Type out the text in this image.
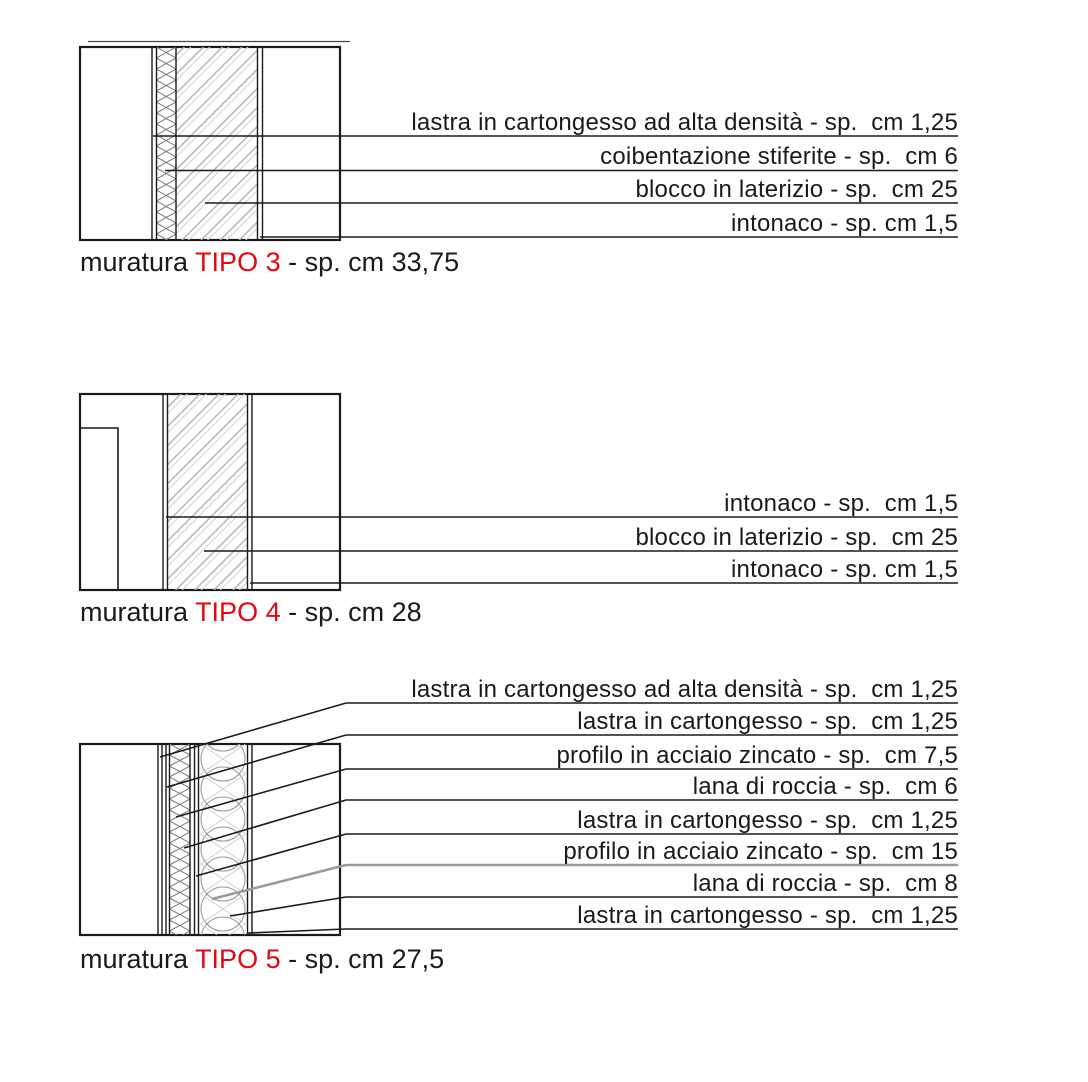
lastra in cartongesso ad alta densità - sp.  cm 1,25
coibentazione stiferite - sp.  cm 6
blocco in laterizio - sp.  cm 25
intonaco - sp. cm 1,5
muratura TIPO 3 - sp. cm 33,75
intonaco - sp.  cm 1,5
blocco in laterizio - sp.  cm 25
intonaco - sp. cm 1,5
muratura TIPO 4 - sp. cm 28
lastra in cartongesso ad alta densità - sp.  cm 1,25
lastra in cartongesso - sp.  cm 1,25
profilo in acciaio zincato - sp.  cm 7,5
lana di roccia - sp.  cm 6
lastra in cartongesso - sp.  cm 1,25
profilo in acciaio zincato - sp.  cm 15
lana di roccia - sp.  cm 8
lastra in cartongesso - sp.  cm 1,25
muratura TIPO 5 - sp. cm 27,5
